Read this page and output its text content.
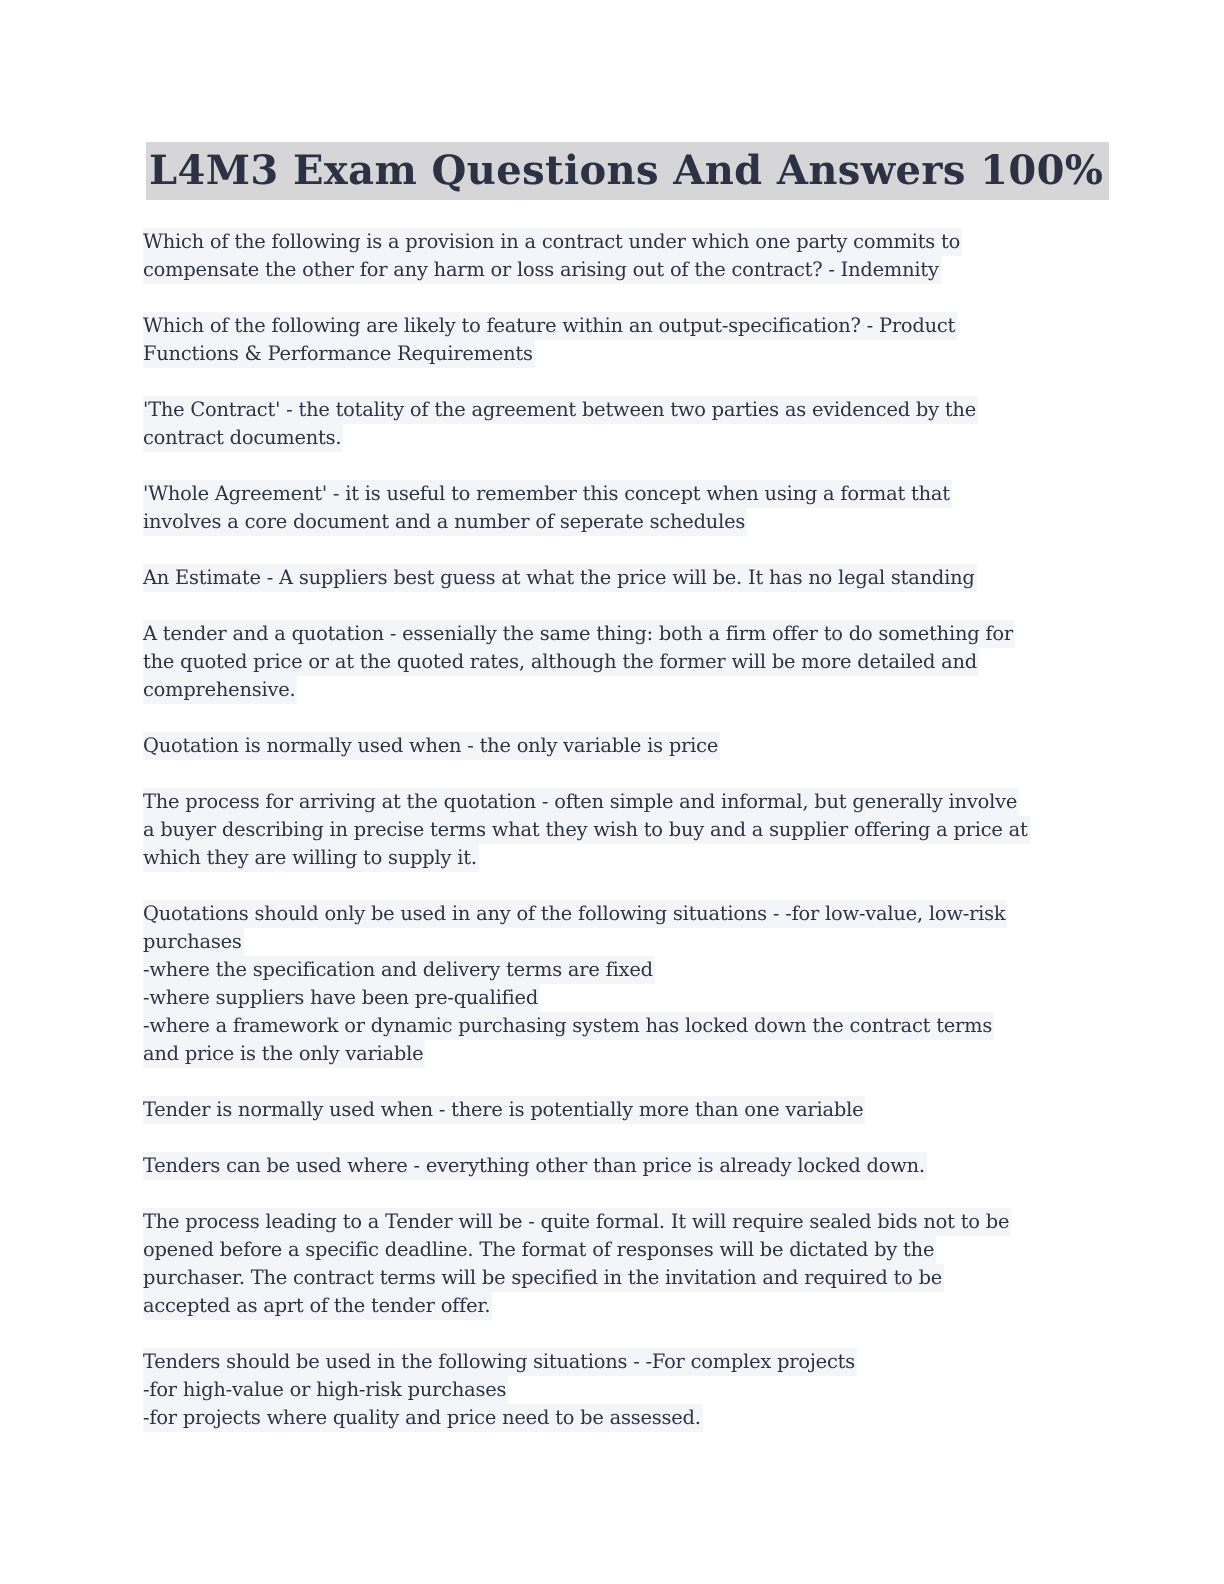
L4M3 Exam Questions And Answers 100%
Which of the following is a provision in a contract under which one party commits to
compensate the other for any harm or loss arising out of the contract? - Indemnity
Which of the following are likely to feature within an output-specification? - Product
Functions & Performance Requirements
'The Contract' - the totality of the agreement between two parties as evidenced by the
contract documents.
'Whole Agreement' - it is useful to remember this concept when using a format that
involves a core document and a number of seperate schedules
An Estimate - A suppliers best guess at what the price will be. It has no legal standing
A tender and a quotation - essenially the same thing: both a firm offer to do something for
the quoted price or at the quoted rates, although the former will be more detailed and
comprehensive.
Quotation is normally used when - the only variable is price
The process for arriving at the quotation - often simple and informal, but generally involve
a buyer describing in precise terms what they wish to buy and a supplier offering a price at
which they are willing to supply it.
Quotations should only be used in any of the following situations - -for low-value, low-risk
purchases
-where the specification and delivery terms are fixed
-where suppliers have been pre-qualified
-where a framework or dynamic purchasing system has locked down the contract terms
and price is the only variable
Tender is normally used when - there is potentially more than one variable
Tenders can be used where - everything other than price is already locked down.
The process leading to a Tender will be - quite formal. It will require sealed bids not to be
opened before a specific deadline. The format of responses will be dictated by the
purchaser. The contract terms will be specified in the invitation and required to be
accepted as aprt of the tender offer.
Tenders should be used in the following situations - -For complex projects
-for high-value or high-risk purchases
-for projects where quality and price need to be assessed.
